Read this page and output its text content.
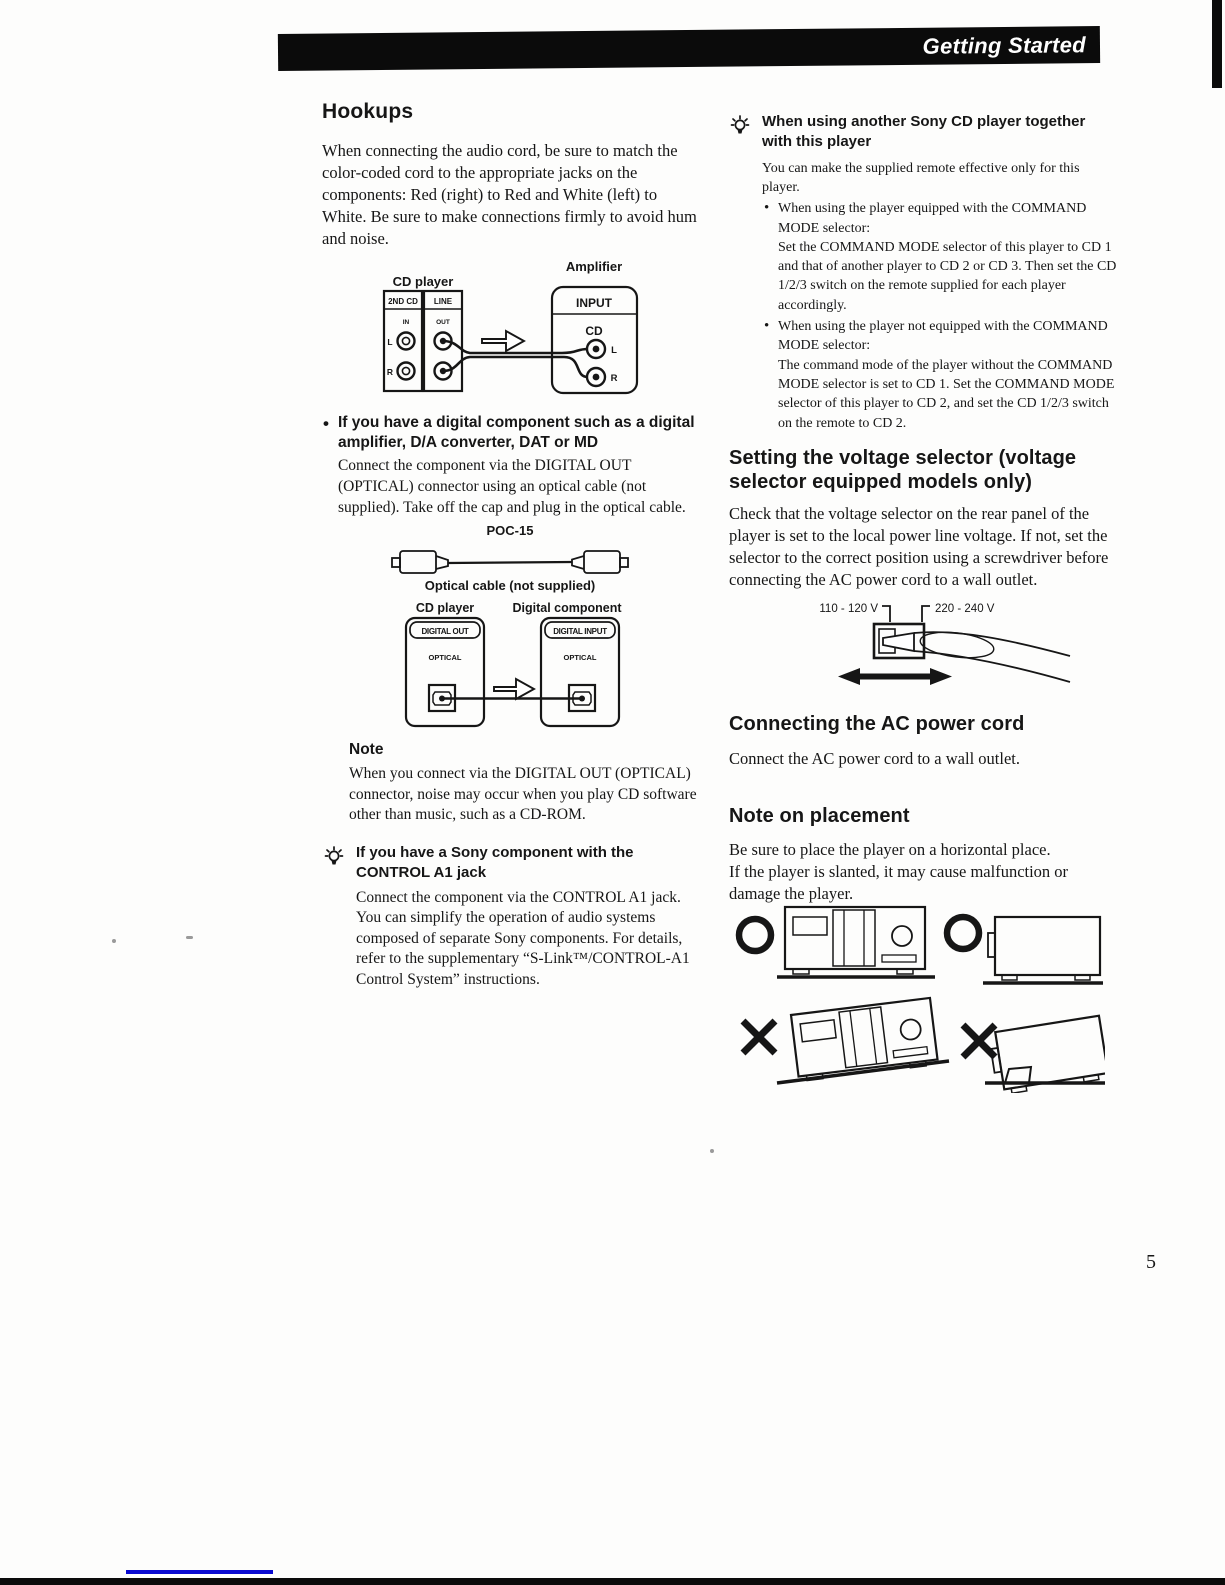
Getting Started
Hookups
When connecting the audio cord, be sure to match the color-coded cord to the appropriate jacks on the components: Red (right) to Red and White (left) to White. Be sure to make connections firmly to avoid hum and noise.
CD player
Amplifier
2ND CD LINE
IN	OUT
L
R
INPUT
CD
L
R
• If you have a digital component such as a digital amplifier, D/A converter, DAT or MD
Connect the component via the DIGITAL OUT (OPTICAL) connector using an optical cable (not supplied). Take off the cap and plug in the optical cable.
POC-15
Optical cable (not supplied)
CD player	Digital component
DIGITAL OUT
OPTICAL
DIGITAL INPUT
OPTICAL
Note
When you connect via the DIGITAL OUT (OPTICAL) connector, noise may occur when you play CD software other than music, such as a CD-ROM.
If you have a Sony component with the CONTROL A1 jack
Connect the component via the CONTROL A1 jack. You can simplify the operation of audio systems composed of separate Sony components. For details, refer to the supplementary “S-Link™/CONTROL-A1 Control System” instructions.
When using another Sony CD player together with this player
You can make the supplied remote effective only for this player.
• When using the player equipped with the COMMAND MODE selector:
Set the COMMAND MODE selector of this player to CD 1 and that of another player to CD 2 or CD 3. Then set the CD 1/2/3 switch on the remote supplied for each player accordingly.
• When using the player not equipped with the COMMAND MODE selector:
The command mode of the player without the COMMAND MODE selector is set to CD 1. Set the COMMAND MODE selector of this player to CD 2, and set the CD 1/2/3 switch on the remote to CD 2.
Setting the voltage selector (voltage selector equipped models only)
Check that the voltage selector on the rear panel of the player is set to the local power line voltage. If not, set the selector to the correct position using a screwdriver before connecting the AC power cord to a wall outlet.
110 - 120 V	220 - 240 V
Connecting the AC power cord
Connect the AC power cord to a wall outlet.
Note on placement
Be sure to place the player on a horizontal place.
If the player is slanted, it may cause malfunction or damage the player.
5
